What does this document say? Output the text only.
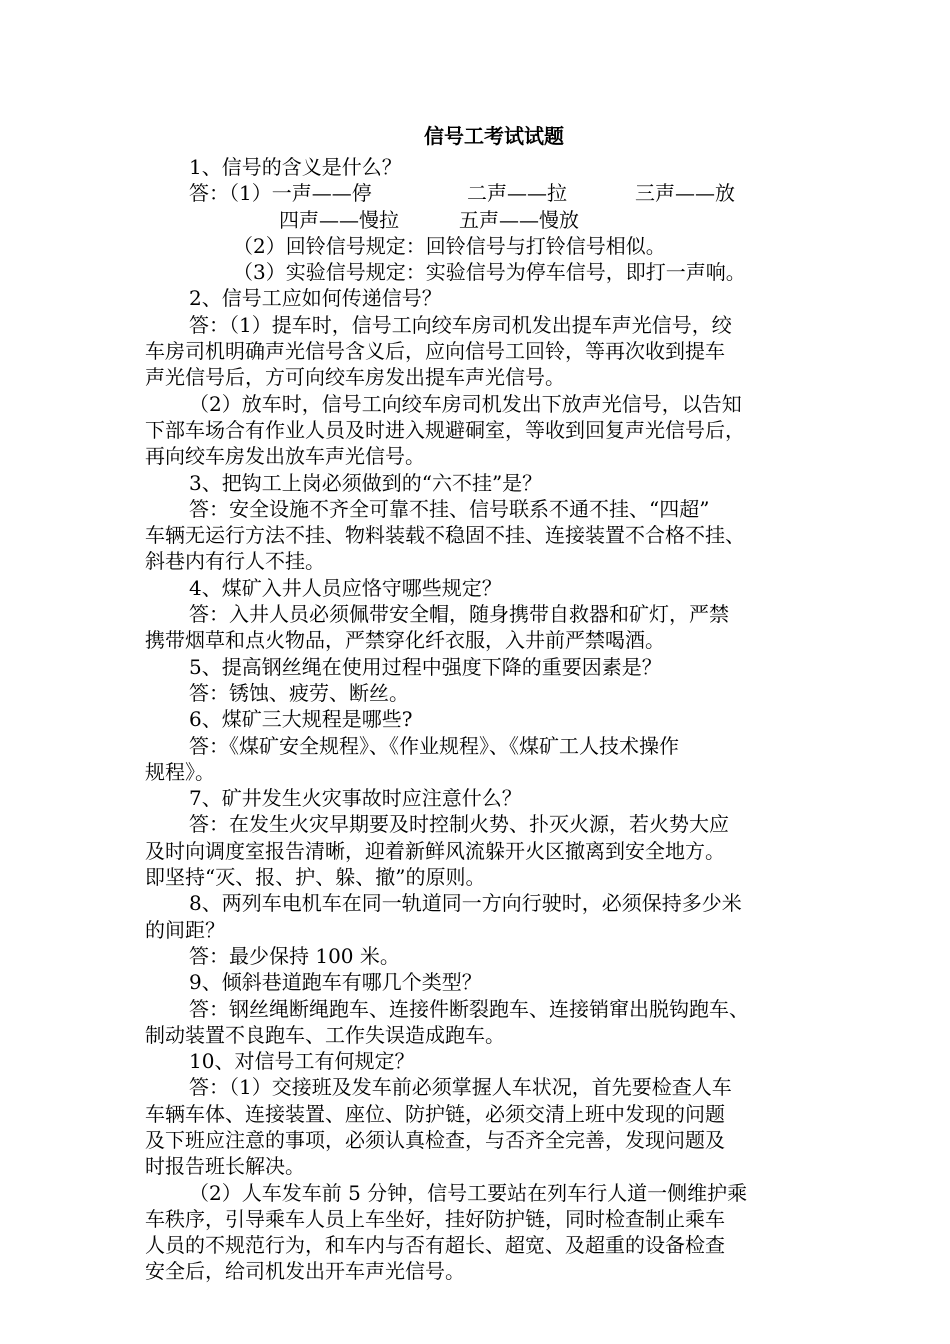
信号工考试试题

1、信号的含义是什么？

答：（1）一声——停	二声——拉	三声——放
四声——慢拉	五声——慢放

（2）回铃信号规定：回铃信号与打铃信号相似。

（3）实验信号规定：实验信号为停车信号，即打一声响。

2、信号工应如何传递信号？

答：（1）提车时，信号工向绞车房司机发出提车声光信号，绞

车房司机明确声光信号含义后，应向信号工回铃，等再次收到提车

声光信号后，方可向绞车房发出提车声光信号。

（2）放车时，信号工向绞车房司机发出下放声光信号，以告知

下部车场合有作业人员及时进入规避硐室，等收到回复声光信号后，

再向绞车房发出放车声光信号。

3、把钩工上岗必须做到的“六不挂”是？

答：安全设施不齐全可靠不挂、信号联系不通不挂、“四超”

车辆无运行方法不挂、物料装载不稳固不挂、连接装置不合格不挂、

斜巷内有行人不挂。

4、煤矿入井人员应恪守哪些规定？

答：入井人员必须佩带安全帽，随身携带自救器和矿灯，严禁

携带烟草和点火物品，严禁穿化纤衣服，入井前严禁喝酒。

5、提高钢丝绳在使用过程中强度下降的重要因素是？

答：锈蚀、疲劳、断丝。

6、煤矿三大规程是哪些?

答：《煤矿安全规程》、《作业规程》、《煤矿工人技术操作

规程》。

7、矿井发生火灾事故时应注意什么？

答：在发生火灾早期要及时控制火势、扑灭火源，若火势大应

及时向调度室报告清晰，迎着新鲜风流躲开火区撤离到安全地方。

即坚持“灭、报、护、躲、撤”的原则。

8、两列车电机车在同一轨道同一方向行驶时，必须保持多少米

的间距？

答：最少保持 100 米。

9、倾斜巷道跑车有哪几个类型？

答：钢丝绳断绳跑车、连接件断裂跑车、连接销窜出脱钩跑车、

制动装置不良跑车、工作失误造成跑车。

10、对信号工有何规定？

答：（1）交接班及发车前必须掌握人车状况，首先要检查人车

车辆车体、连接装置、座位、防护链，必须交清上班中发现的问题

及下班应注意的事项，必须认真检查，与否齐全完善，发现问题及

时报告班长解决。

（2）人车发车前 5 分钟，信号工要站在列车行人道一侧维护乘

车秩序，引导乘车人员上车坐好，挂好防护链，同时检查制止乘车

人员的不规范行为，和车内与否有超长、超宽、及超重的设备检查

安全后，给司机发出开车声光信号。
